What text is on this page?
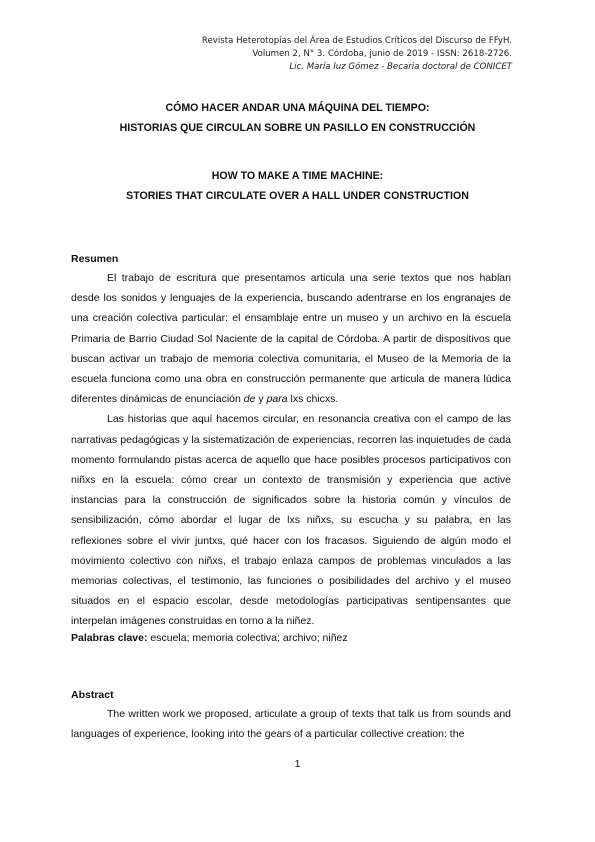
Revista Heterotopías del Área de Estudios Críticos del Discurso de FFyH.
Volumen 2, N° 3. Córdoba, junio de 2019 - ISSN: 2618-2726.
Lic. María luz Gómez - Becaria doctoral de CONICET
CÓMO HACER ANDAR UNA MÁQUINA DEL TIEMPO:
HISTORIAS QUE CIRCULAN SOBRE UN PASILLO EN CONSTRUCCIÓN
HOW TO MAKE A TIME MACHINE:
STORIES THAT CIRCULATE OVER A HALL UNDER CONSTRUCTION
Resumen

El trabajo de escritura que presentamos articula una serie textos que nos hablan desde los sonidos y lenguajes de la experiencia, buscando adentrarse en los engranajes de una creación colectiva particular: el ensamblaje entre un museo y un archivo en la escuela Primaria de Barrio Ciudad Sol Naciente de la capital de Córdoba. A partir de dispositivos que buscan activar un trabajo de memoria colectiva comunitaria, el Museo de la Memoria de la escuela funciona como una obra en construcción permanente que articula de manera lúdica diferentes dinámicas de enunciación de y para lxs chicxs.

Las historias que aquí hacemos circular, en resonancia creativa con el campo de las narrativas pedagógicas y la sistematización de experiencias, recorren las inquietudes de cada momento formulando pistas acerca de aquello que hace posibles procesos participativos con niñxs en la escuela: cómo crear un contexto de transmisión y experiencia que active instancias para la construcción de significados sobre la historia común y vínculos de sensibilización, cómo abordar el lugar de lxs niñxs, su escucha y su palabra, en las reflexiones sobre el vivir juntxs, qué hacer con los fracasos. Siguiendo de algún modo el movimiento colectivo con niñxs, el trabajo enlaza campos de problemas vinculados a las memorias colectivas, el testimonio, las funciones o posibilidades del archivo y el museo situados en el espacio escolar, desde metodologías participativas sentipensantes que interpelan imágenes construidas en torno a la niñez.

Palabras clave: escuela; memoria colectiva; archivo; niñez
Abstract

The written work we proposed, articulate a group of texts that talk us from sounds and languages of experience, looking into the gears of a particular collective creation: the

1
